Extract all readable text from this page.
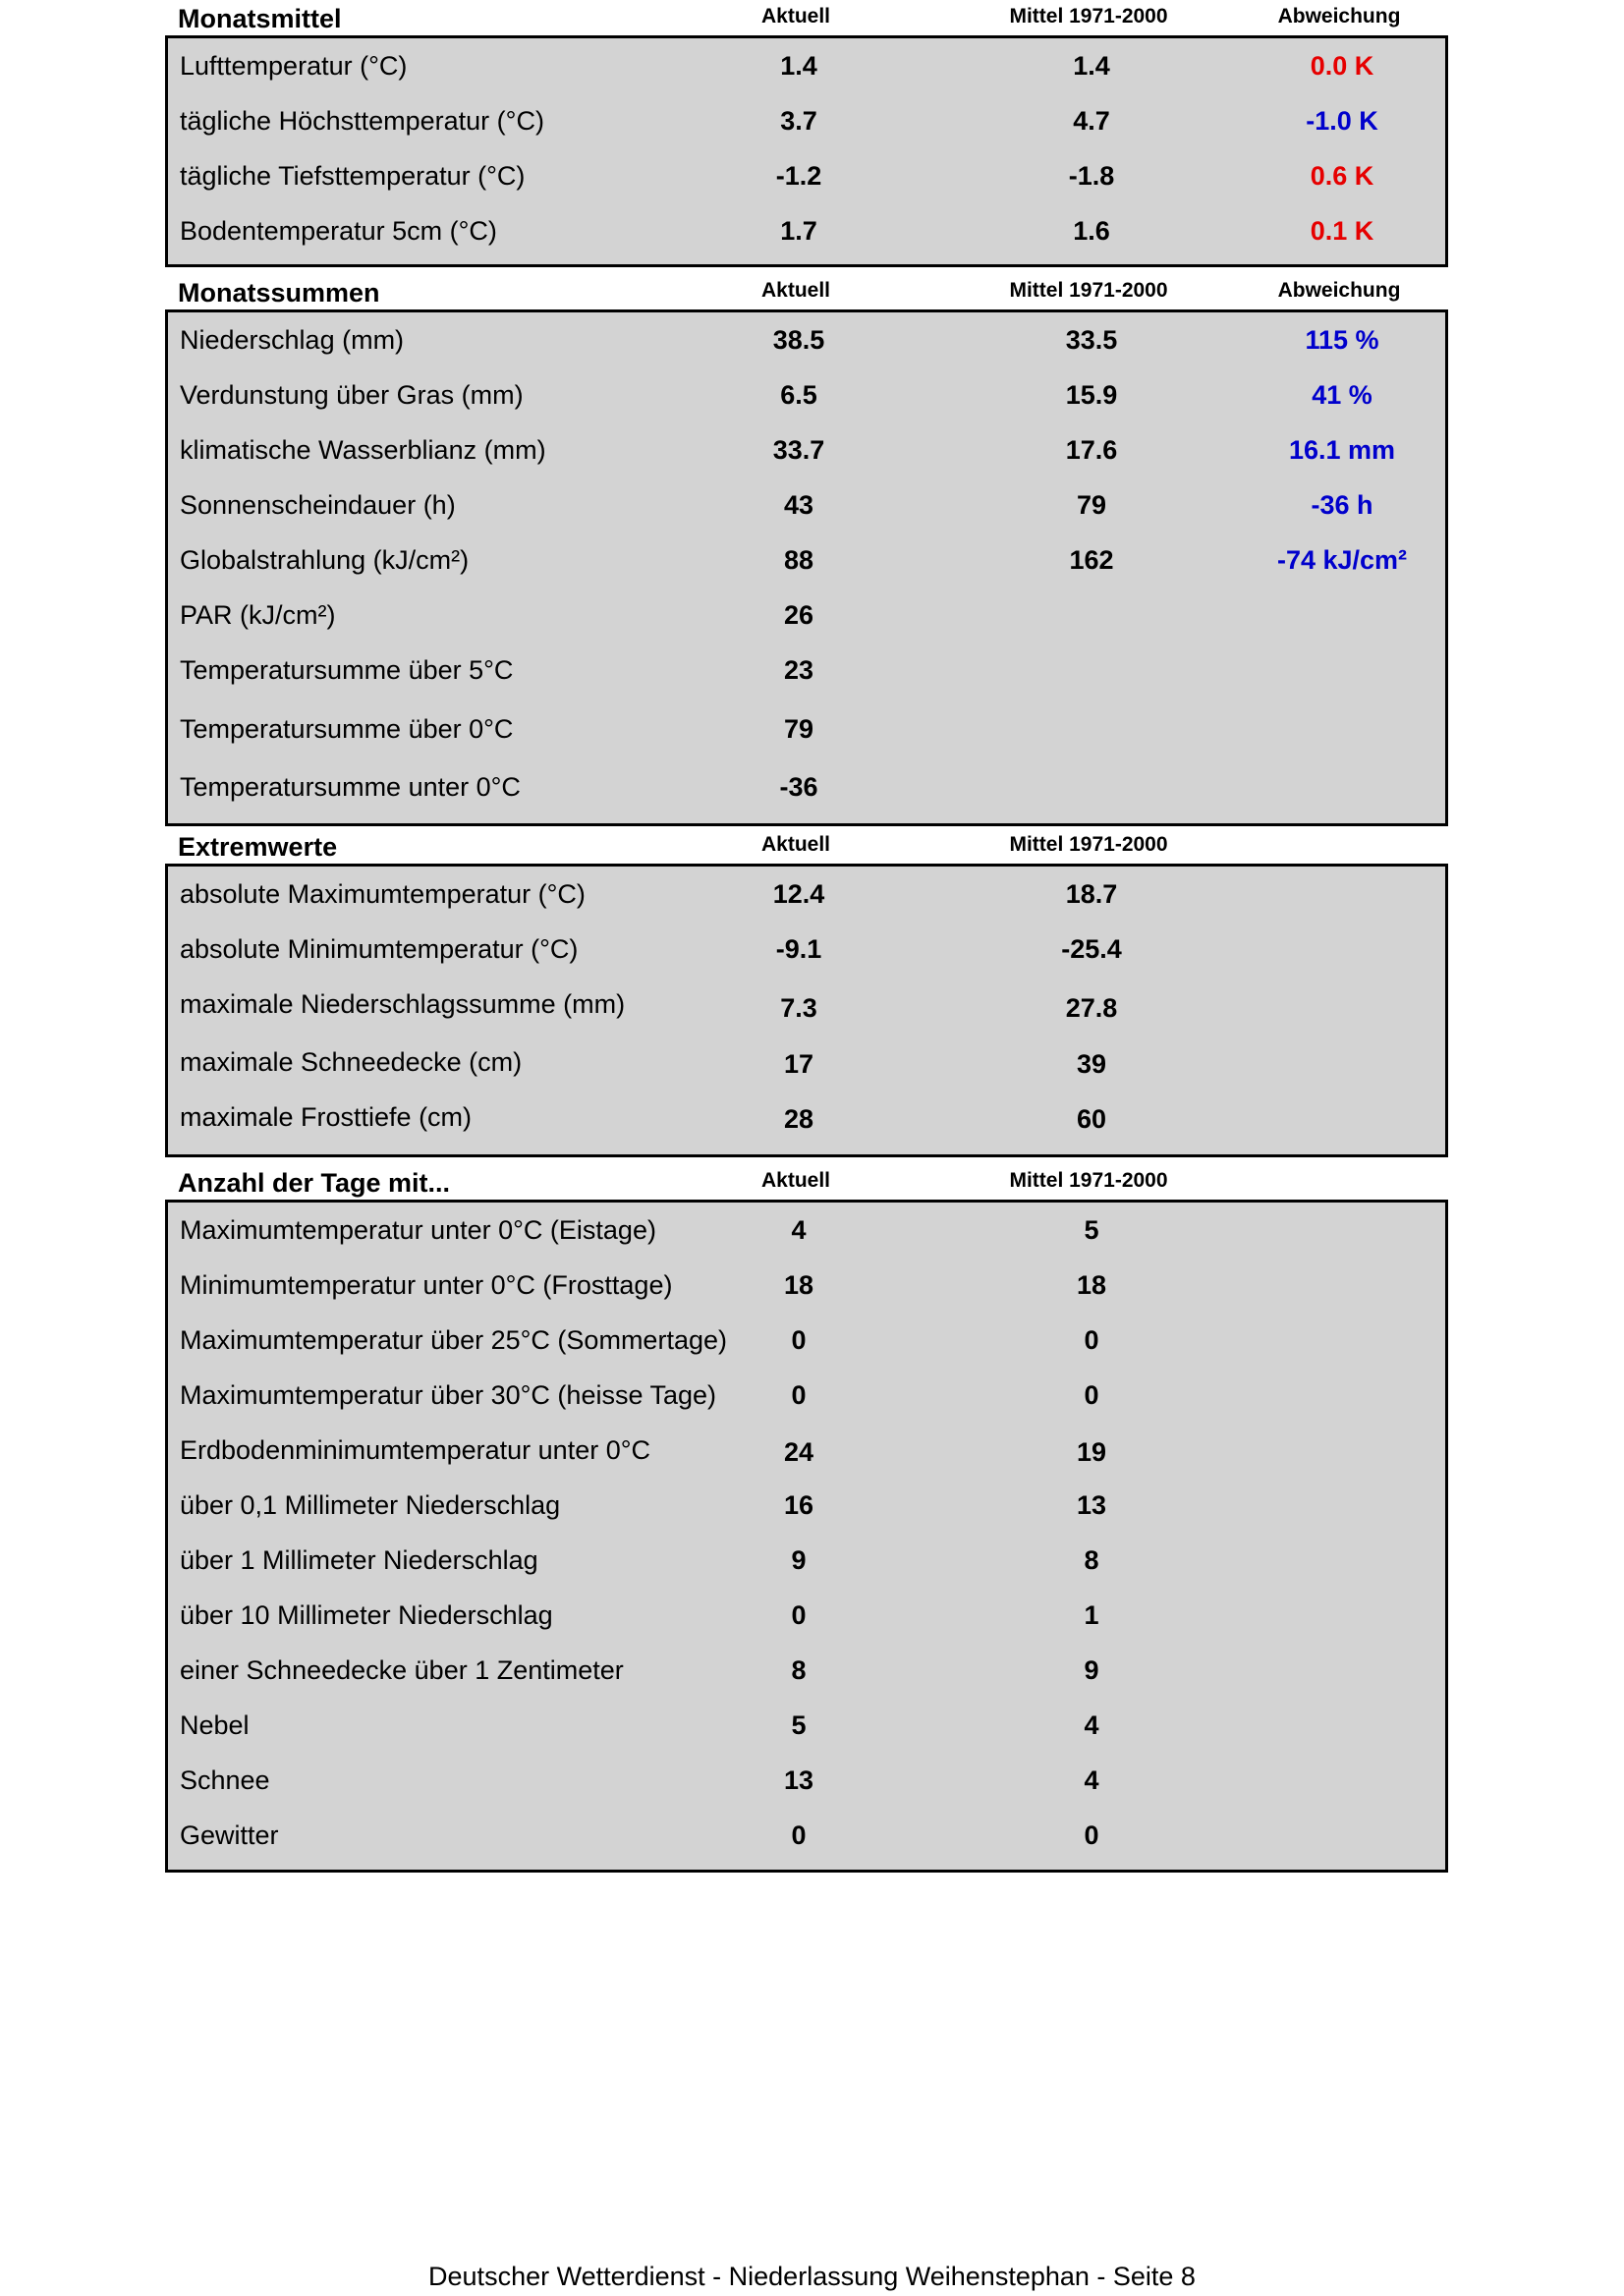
Monatsmittel	Aktuell	Mittel 1971-2000	Abweichung
Lufttemperatur (°C)	1.4	1.4	0.0 K
tägliche Höchsttemperatur (°C)	3.7	4.7	-1.0 K
tägliche Tiefsttemperatur (°C)	-1.2	-1.8	0.6 K
Bodentemperatur 5cm (°C)	1.7	1.6	0.1 K
Monatssummen	Aktuell	Mittel 1971-2000	Abweichung
Niederschlag (mm)	38.5	33.5	115 %
Verdunstung über Gras (mm)	6.5	15.9	41 %
klimatische Wasserblianz (mm)	33.7	17.6	16.1 mm
Sonnenscheindauer (h)	43	79	-36 h
Globalstrahlung (kJ/cm²)	88	162	-74 kJ/cm²
PAR (kJ/cm²)	26
Temperatursumme über 5°C	23
Temperatursumme über 0°C	79
Temperatursumme unter 0°C	-36
Extremwerte	Aktuell	Mittel 1971-2000
absolute Maximumtemperatur (°C)	12.4	18.7
absolute Minimumtemperatur (°C)	-9.1	-25.4
maximale Niederschlagssumme (mm)	7.3	27.8
maximale Schneedecke (cm)	17	39
maximale Frosttiefe (cm)	28	60
Anzahl der Tage mit...	Aktuell	Mittel 1971-2000
Maximumtemperatur unter 0°C (Eistage)	4	5
Minimumtemperatur unter 0°C (Frosttage)	18	18
Maximumtemperatur über 25°C (Sommertage)	0	0
Maximumtemperatur über 30°C (heisse Tage)	0	0
Erdbodenminimumtemperatur unter 0°C	24	19
über 0,1 Millimeter Niederschlag	16	13
über 1 Millimeter Niederschlag	9	8
über 10 Millimeter Niederschlag	0	1
einer Schneedecke über 1 Zentimeter	8	9
Nebel	5	4
Schnee	13	4
Gewitter	0	0
Deutscher Wetterdienst - Niederlassung Weihenstephan - Seite 8
